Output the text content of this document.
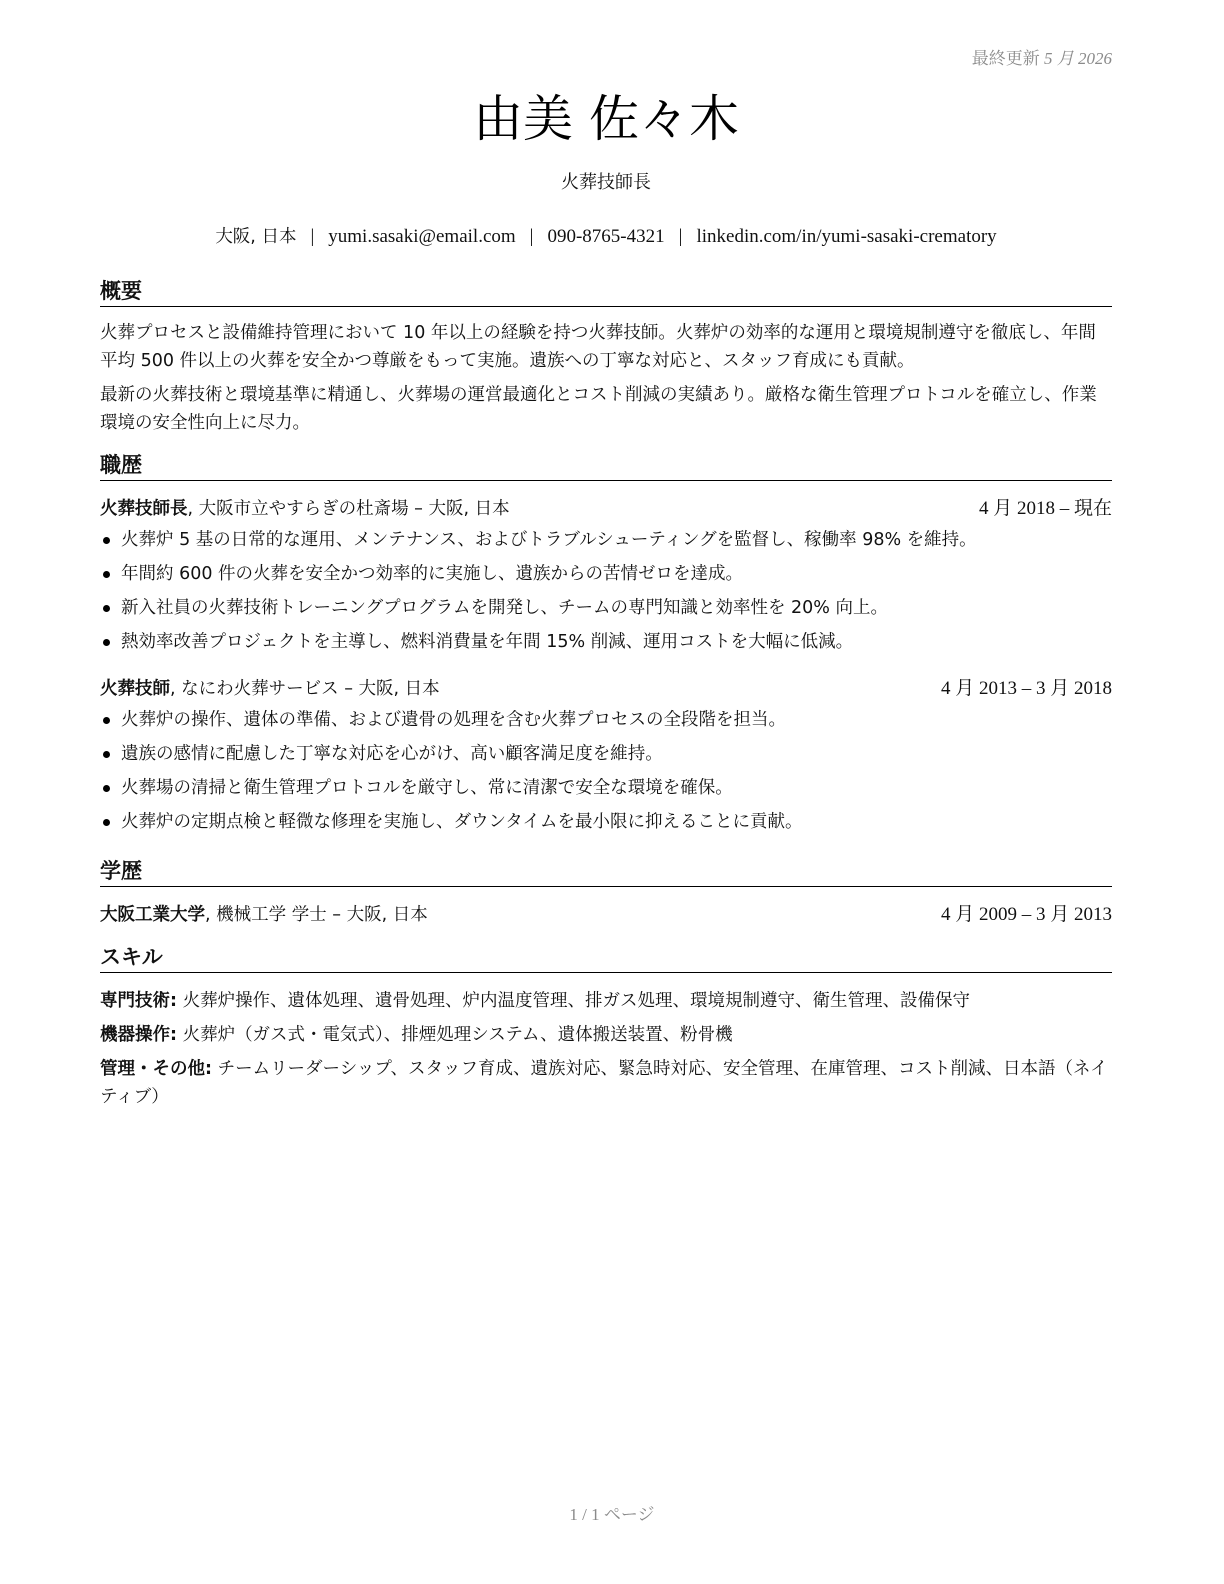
最終更新 5 月 2026
由美 佐々木
火葬技師長
大阪, 日本 | yumi.sasaki@email.com | 090-8765-4321 | linkedin.com/in/yumi-sasaki-crematory
概要

火葬プロセスと設備維持管理において 10 年以上の経験を持つ火葬技師。火葬炉の効率的な運用と環境規制遵守を徹底し、年間平均 500 件以上の火葬を安全かつ尊厳をもって実施。遺族への丁寧な対応と、スタッフ育成にも貢献。

最新の火葬技術と環境基準に精通し、火葬場の運営最適化とコスト削減の実績あり。厳格な衛生管理プロトコルを確立し、作業環境の安全性向上に尽力。

職歴
火葬技師長, 大阪市立やすらぎの杜斎場 – 大阪, 日本	4 月 2018 – 現在
火葬炉 5 基の日常的な運用、メンテナンス、およびトラブルシューティングを監督し、稼働率 98% を維持。
年間約 600 件の火葬を安全かつ効率的に実施し、遺族からの苦情ゼロを達成。
新入社員の火葬技術トレーニングプログラムを開発し、チームの専門知識と効率性を 20% 向上。
熱効率改善プロジェクトを主導し、燃料消費量を年間 15% 削減、運用コストを大幅に低減。
火葬技師, なにわ火葬サービス – 大阪, 日本	4 月 2013 – 3 月 2018
火葬炉の操作、遺体の準備、および遺骨の処理を含む火葬プロセスの全段階を担当。
遺族の感情に配慮した丁寧な対応を心がけ、高い顧客満足度を維持。
火葬場の清掃と衛生管理プロトコルを厳守し、常に清潔で安全な環境を確保。
火葬炉の定期点検と軽微な修理を実施し、ダウンタイムを最小限に抑えることに貢献。
学歴
大阪工業大学, 機械工学 学士 – 大阪, 日本	4 月 2009 – 3 月 2013
スキル

専門技術: 火葬炉操作、遺体処理、遺骨処理、炉内温度管理、排ガス処理、環境規制遵守、衛生管理、設備保守

機器操作: 火葬炉（ガス式・電気式）、排煙処理システム、遺体搬送装置、粉骨機

管理・その他: チームリーダーシップ、スタッフ育成、遺族対応、緊急時対応、安全管理、在庫管理、コスト削減、日本語（ネイティブ）

1 / 1 ページ
